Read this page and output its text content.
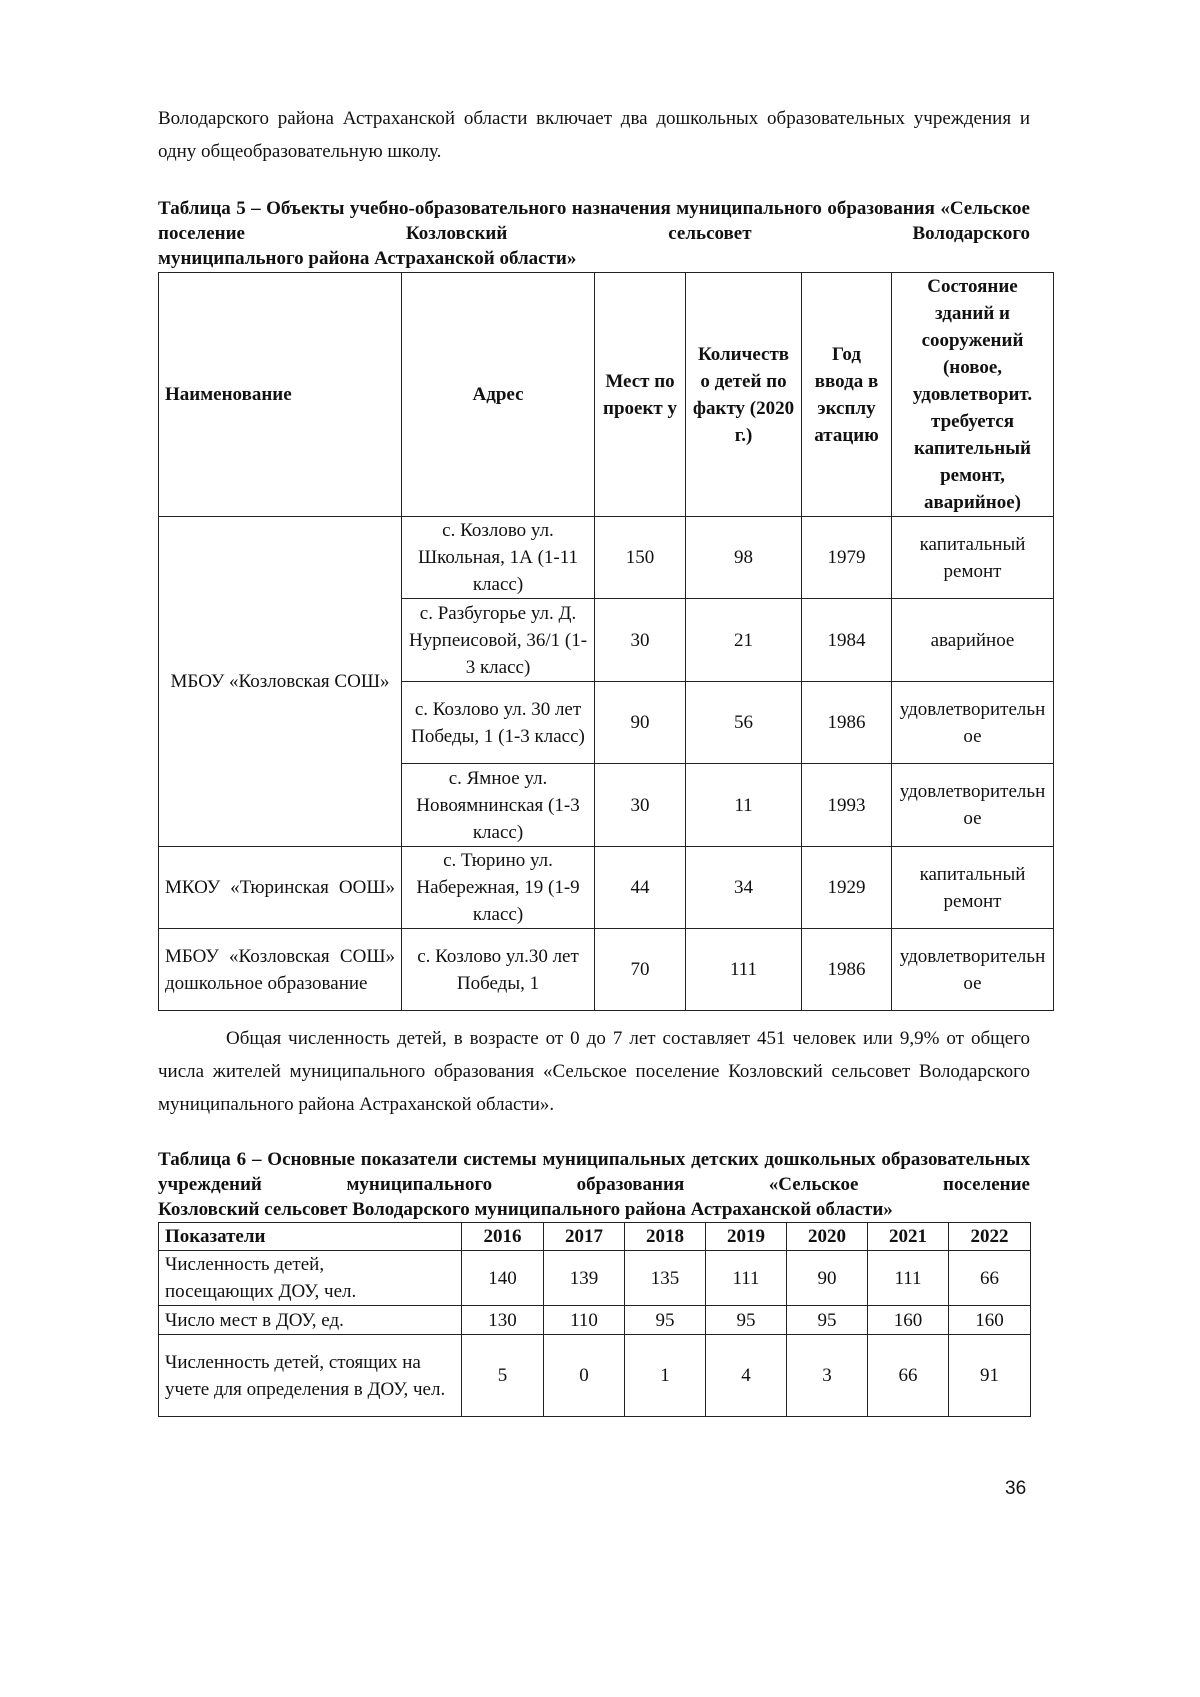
Володарского района Астраханской области включает два дошкольных образовательных учреждения и одну общеобразовательную школу.
Таблица 5 – Объекты учебно-образовательного назначения муниципального образования «Сельское поселение Козловский сельсовет Володарского
муниципального района Астраханской области»
Наименование	Адрес	Мест по проект у	Количеств о детей по факту (2020 г.)	Год ввода в эксплу атацию	Состояние зданий и сооружений (новое, удовлетворит. требуется капительный ремонт, аварийное)
МБОУ «Козловская СОШ»	с. Козлово ул. Школьная, 1А (1-11 класс)	150	98	1979	капитальный ремонт
	с. Разбугорье ул. Д. Нурпеисовой, 36/1 (1-3 класс)	30	21	1984	аварийное
	с. Козлово ул. 30 лет Победы, 1 (1-3 класс)	90	56	1986	удовлетворительное
	с. Ямное ул. Новоямнинская (1-3 класс)	30	11	1993	удовлетворительное
МКОУ «Тюринская ООШ»	с. Тюрино ул. Набережная, 19 (1-9 класс)	44	34	1929	капитальный ремонт
МБОУ «Козловская СОШ» дошкольное образование	с. Козлово ул.30 лет Победы, 1	70	111	1986	удовлетворительное
Общая численность детей, в возрасте от 0 до 7 лет составляет 451 человек или 9,9% от общего числа жителей муниципального образования «Сельское поселение Козловский сельсовет Володарского муниципального района Астраханской области».
Таблица 6 – Основные показатели системы муниципальных детских дошкольных образовательных учреждений муниципального образования «Сельское поселение
Козловский сельсовет Володарского муниципального района Астраханской области»
Показатели	2016	2017	2018	2019	2020	2021	2022
Численность детей, посещающих ДОУ, чел.	140	139	135	111	90	111	66
Число мест в ДОУ, ед.	130	110	95	95	95	160	160
Численность детей, стоящих на учете для определения в ДОУ, чел.	5	0	1	4	3	66	91
36
